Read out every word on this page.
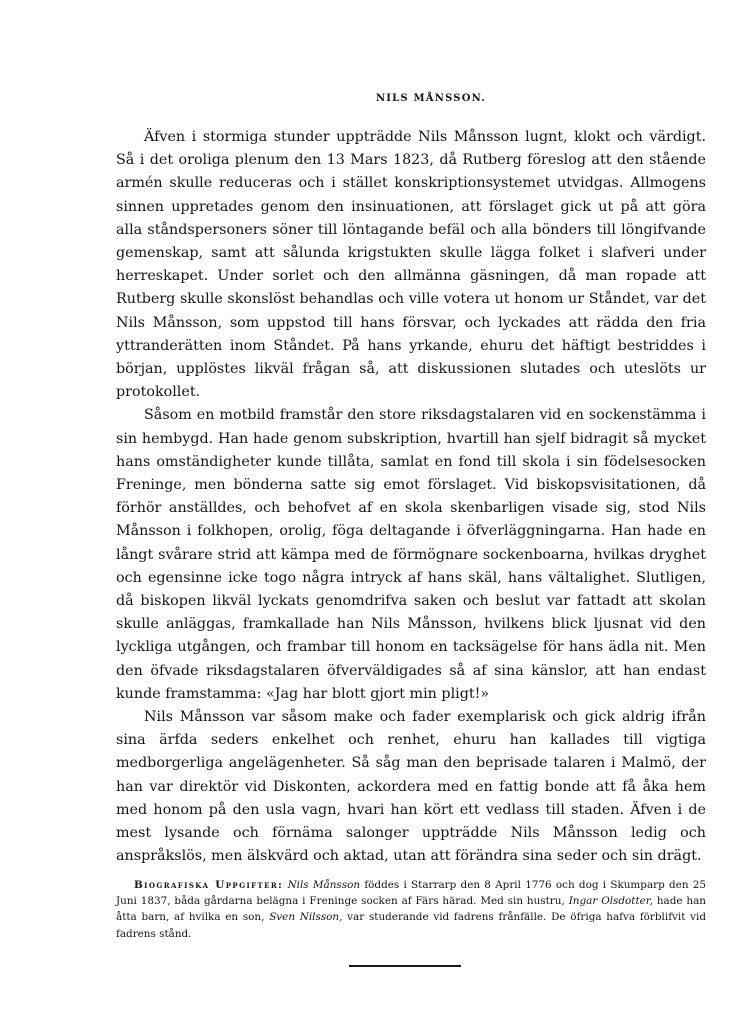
NILS MÅNSSON.

Äfven i stormiga stunder uppträdde Nils Månsson lugnt, klokt och värdigt. Så i det oroliga plenum den 13 Mars 1823, då Rutberg föreslog att den stående armén skulle reduceras och i stället konskriptionsystemet utvidgas. Allmogens sinnen uppretades genom den insinuationen, att förslaget gick ut på att göra alla ståndspersoners söner till löntagande befäl och alla bönders till löngifvande gemenskap, samt att sålunda krigstukten skulle lägga folket i slafveri under herreskapet. Under sorlet och den allmänna gäsningen, då man ropade att Rutberg skulle skonslöst behandlas och ville votera ut honom ur Ståndet, var det Nils Månsson, som uppstod till hans försvar, och lyckades att rädda den fria yttranderätten inom Ståndet. På hans yrkande, ehuru det häftigt bestriddes i början, upplöstes likväl frågan så, att diskussionen slutades och uteslöts ur protokollet.

Såsom en motbild framstår den store riksdagstalaren vid en sockenstämma i sin hembygd. Han hade genom subskription, hvartill han sjelf bidragit så mycket hans omständigheter kunde tillåta, samlat en fond till skola i sin födelsesocken Freninge, men bönderna satte sig emot förslaget. Vid biskopsvisitationen, då förhör anställdes, och behofvet af en skola skenbarligen visade sig, stod Nils Månsson i folkhopen, orolig, föga deltagande i öfverläggningarna. Han hade en långt svårare strid att kämpa med de förmögnare sockenboarna, hvilkas dryghet och egensinne icke togo några intryck af hans skäl, hans vältalighet. Slutligen, då biskopen likväl lyckats genomdrifva saken och beslut var fattadt att skolan skulle anläggas, framkallade han Nils Månsson, hvilkens blick ljusnat vid den lyckliga utgången, och frambar till honom en tacksägelse för hans ädla nit. Men den öfvade riksdagstalaren öfverväldigades så af sina känslor, att han endast kunde framstamma: «Jag har blott gjort min pligt!»

Nils Månsson var såsom make och fader exemplarisk och gick aldrig ifrån sina ärfda seders enkelhet och renhet, ehuru han kallades till vigtiga medborgerliga angelägenheter. Så såg man den beprisade talaren i Malmö, der han var direktör vid Diskonten, ackordera med en fattig bonde att få åka hem med honom på den usla vagn, hvari han kört ett vedlass till staden. Äfven i de mest lysande och förnäma salonger uppträdde Nils Månsson ledig och anspråkslös, men älskvärd och aktad, utan att förändra sina seder och sin drägt.

Biografiska Uppgifter: Nils Månsson föddes i Starrarp den 8 April 1776 och dog i Skumparp den 25 Juni 1837, båda gårdarna belägna i Freninge socken af Färs härad. Med sin hustru, Ingar Olsdotter, hade han åtta barn, af hvilka en son, Sven Nilsson, var studerande vid fadrens frånfälle. De öfriga hafva förblifvit vid fadrens stånd.
